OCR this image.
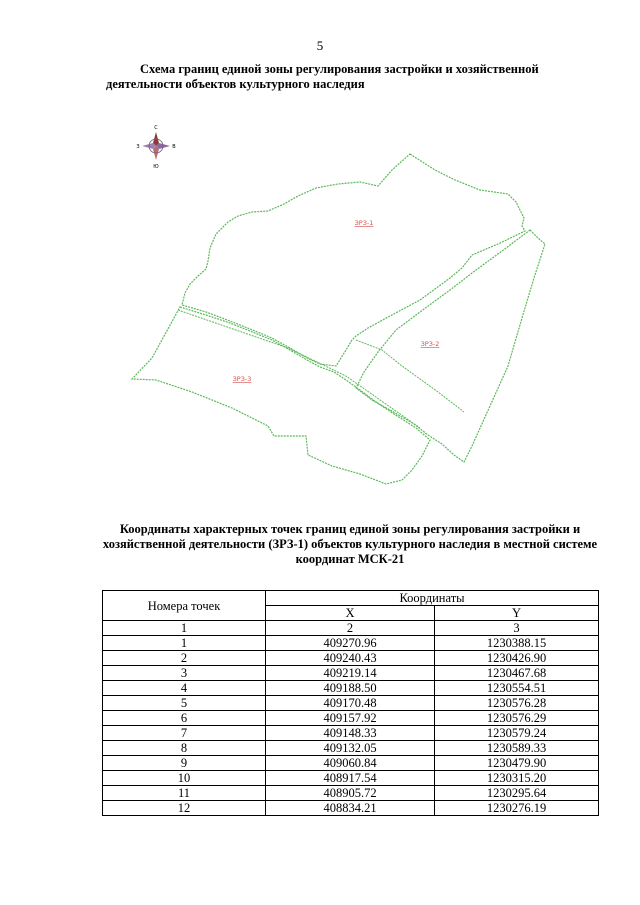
5
Схема границ единой зоны регулирования застройки и хозяйственной деятельности объектов культурного наследия
С
Ю
В
З
ЗРЗ-1
ЗРЗ-2
ЗРЗ-3
Координаты характерных точек границ единой зоны регулирования застройки и хозяйственной деятельности (ЗРЗ-1) объектов культурного наследия в местной системе координат МСК-21
Номера точек	Координаты	
	X	Y
1	2	3
1	409270.96	1230388.15
2	409240.43	1230426.90
3	409219.14	1230467.68
4	409188.50	1230554.51
5	409170.48	1230576.28
6	409157.92	1230576.29
7	409148.33	1230579.24
8	409132.05	1230589.33
9	409060.84	1230479.90
10	408917.54	1230315.20
11	408905.72	1230295.64
12	408834.21	1230276.19
